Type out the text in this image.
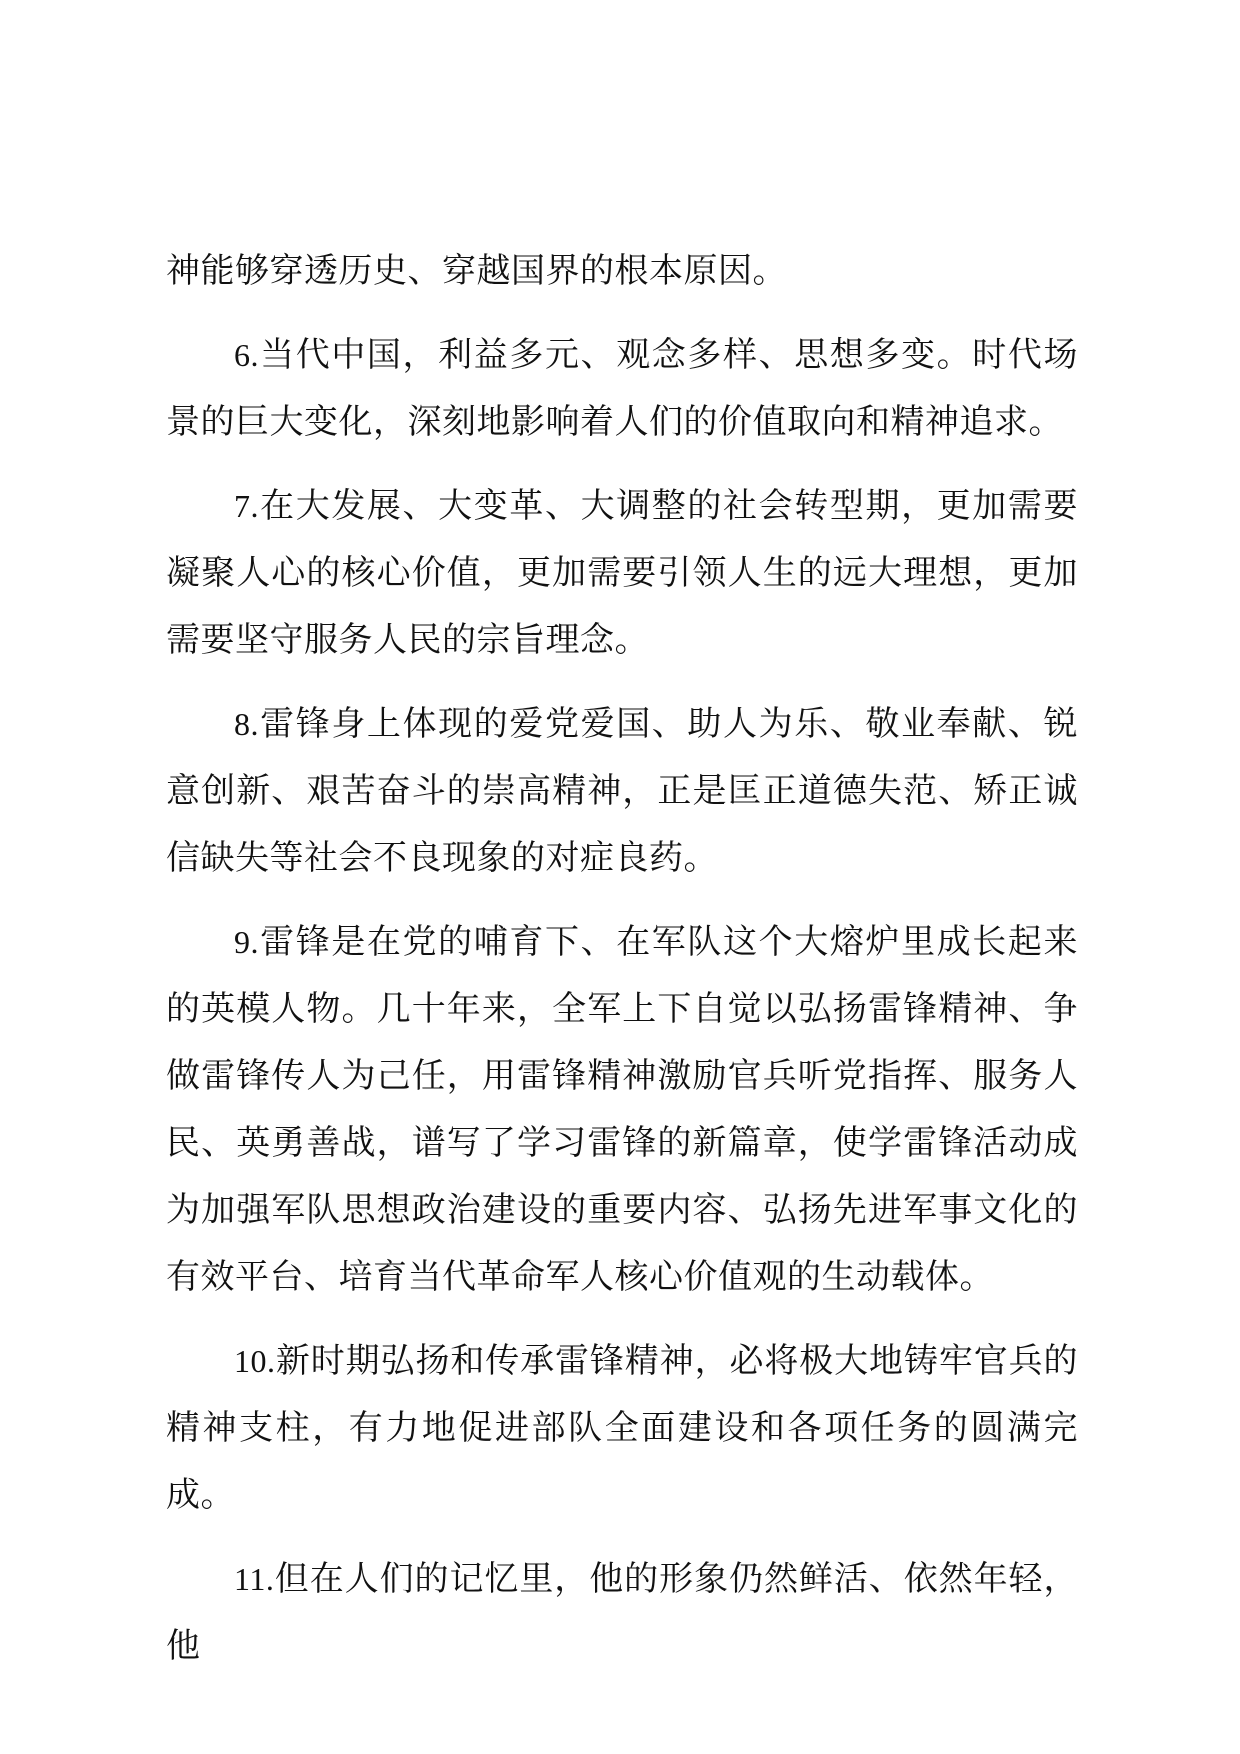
神能够穿透历史、穿越国界的根本原因。

6.当代中国，利益多元、观念多样、思想多变。时代场景的巨大变化，深刻地影响着人们的价值取向和精神追求。

7.在大发展、大变革、大调整的社会转型期，更加需要凝聚人心的核心价值，更加需要引领人生的远大理想，更加需要坚守服务人民的宗旨理念。

8.雷锋身上体现的爱党爱国、助人为乐、敬业奉献、锐意创新、艰苦奋斗的崇高精神，正是匡正道德失范、矫正诚信缺失等社会不良现象的对症良药。

9.雷锋是在党的哺育下、在军队这个大熔炉里成长起来的英模人物。几十年来，全军上下自觉以弘扬雷锋精神、争做雷锋传人为己任，用雷锋精神激励官兵听党指挥、服务人民、英勇善战，谱写了学习雷锋的新篇章，使学雷锋活动成为加强军队思想政治建设的重要内容、弘扬先进军事文化的有效平台、培育当代革命军人核心价值观的生动载体。

10.新时期弘扬和传承雷锋精神，必将极大地铸牢官兵的精神支柱，有力地促进部队全面建设和各项任务的圆满完成。

11.但在人们的记忆里，他的形象仍然鲜活、依然年轻，他
